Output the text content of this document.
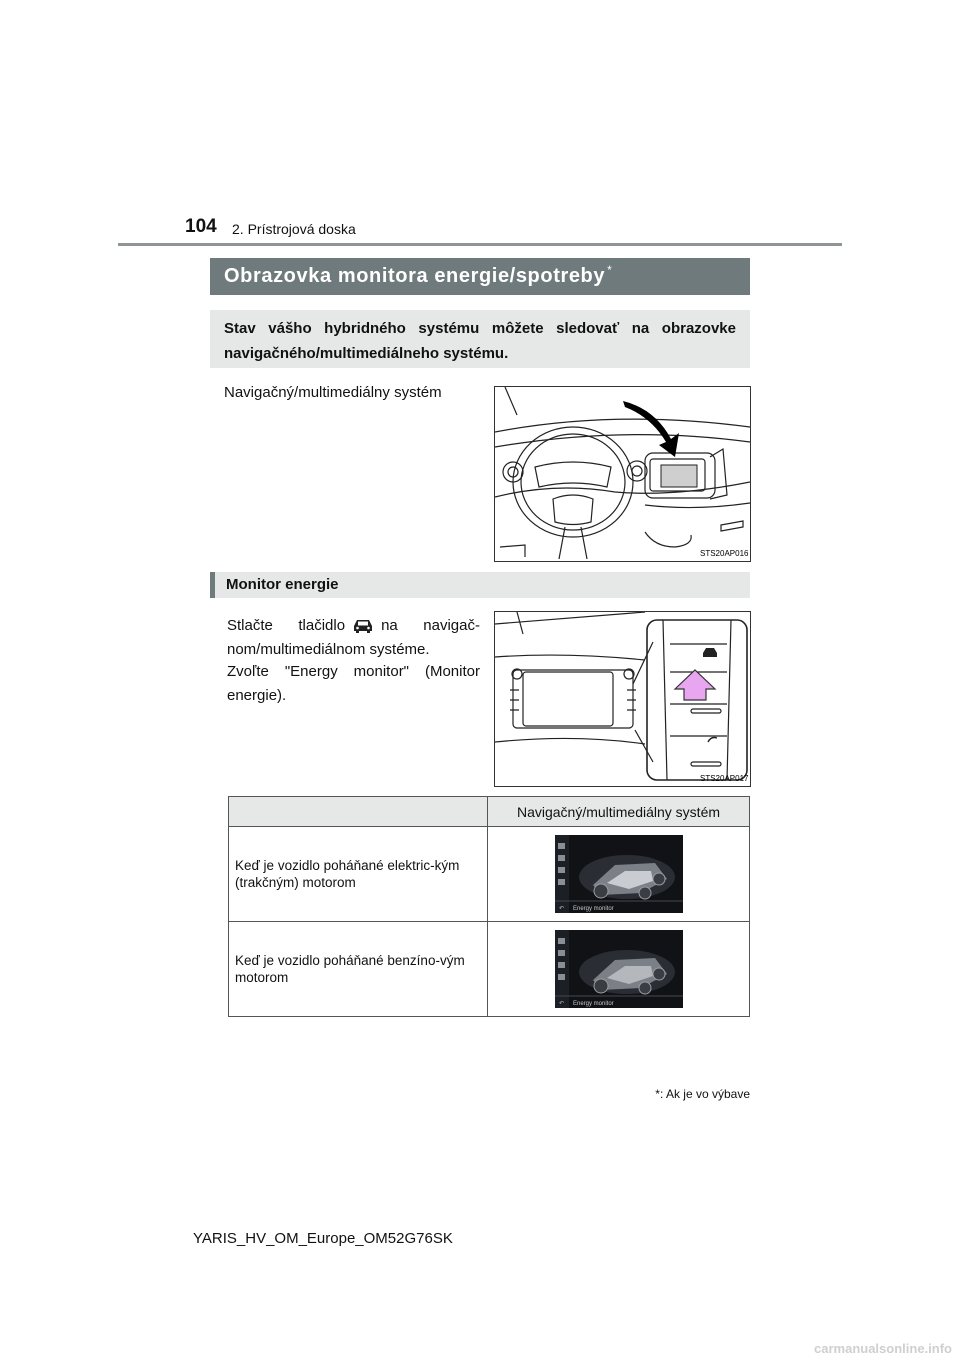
104 2. Prístrojová doska
Obrazovka monitora energie/spotreby *
Stav vášho hybridného systému môžete sledovať na obrazovke navigačného/multimediálneho systému.
Navigačný/multimediálny systém
STS20AP016
Monitor energie
Stlačte tlačidlo na navigač-nom/multimediálnom systéme.
Zvoľte "Energy monitor" (Monitor energie).
STS20AP017
	Navigačný/multimediálny systém
Keď je vozidlo poháňané elektric-kým (trakčným) motorom	↶ Energy monitor

Keď je vozidlo poháňané benzíno-vým motorom	↶ Energy monitor
*: Ak je vo výbave
YARIS_HV_OM_Europe_OM52G76SK
carmanualsonline.info
